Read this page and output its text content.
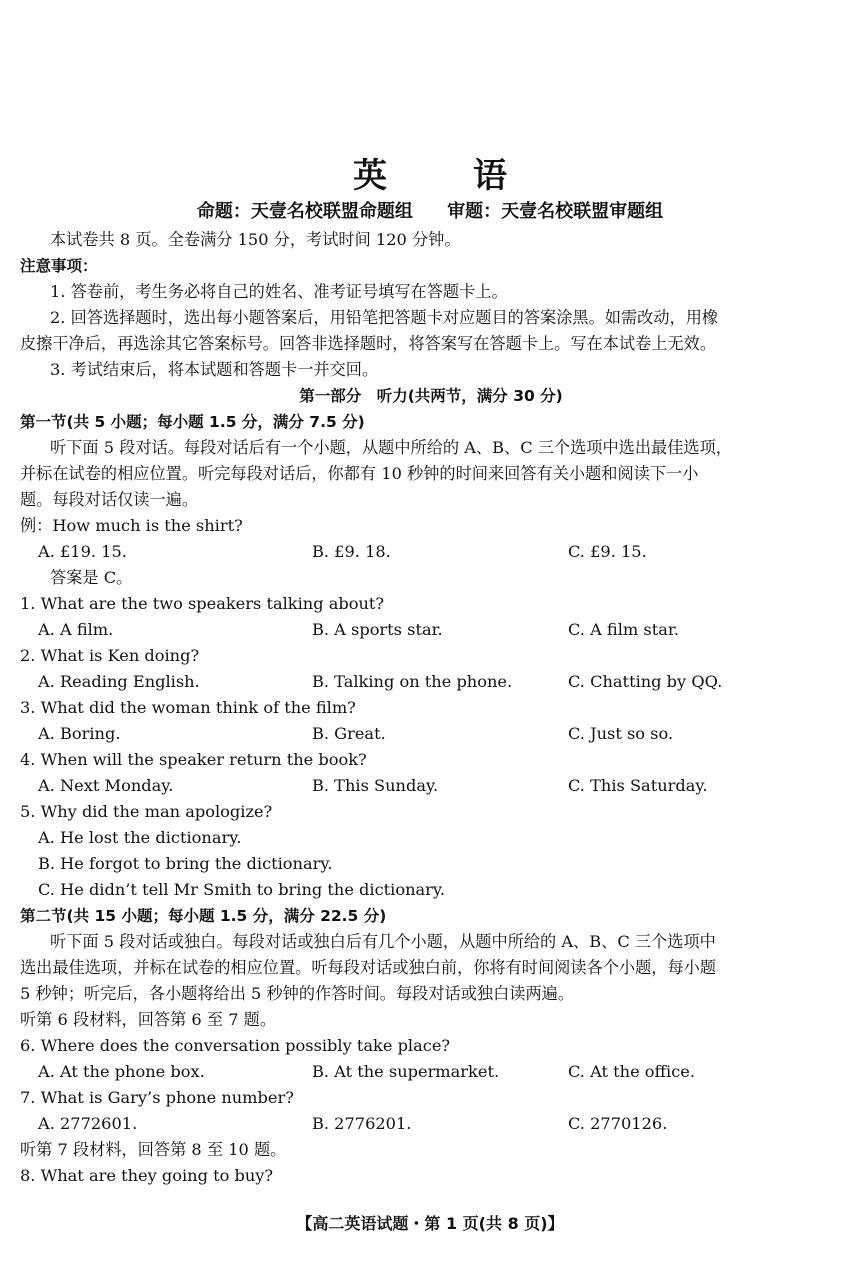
英　语
命题：天壹名校联盟命题组 审题：天壹名校联盟审题组
本试卷共 8 页。全卷满分 150 分，考试时间 120 分钟。
注意事项：
1. 答卷前，考生务必将自己的姓名、准考证号填写在答题卡上。
2. 回答选择题时，选出每小题答案后，用铅笔把答题卡对应题目的答案涂黑。如需改动，用橡
皮擦干净后，再选涂其它答案标号。回答非选择题时，将答案写在答题卡上。写在本试卷上无效。
3. 考试结束后，将本试题和答题卡一并交回。
第一部分　听力(共两节，满分 30 分)
第一节(共 5 小题；每小题 1.5 分，满分 7.5 分)
听下面 5 段对话。每段对话后有一个小题，从题中所给的 A、B、C 三个选项中选出最佳选项，
并标在试卷的相应位置。听完每段对话后，你都有 10 秒钟的时间来回答有关小题和阅读下一小
题。每段对话仅读一遍。
例：How much is the shirt?
A. £19. 15.	B. £9. 18.	C. £9. 15.
答案是 C。
1. What are the two speakers talking about?
A. A film.	B. A sports star.	C. A film star.
2. What is Ken doing?
A. Reading English.	B. Talking on the phone.	C. Chatting by QQ.
3. What did the woman think of the film?
A. Boring.	B. Great.	C. Just so so.
4. When will the speaker return the book?
A. Next Monday.	B. This Sunday.	C. This Saturday.
5. Why did the man apologize?
A. He lost the dictionary.
B. He forgot to bring the dictionary.
C. He didn’t tell Mr Smith to bring the dictionary.
第二节(共 15 小题；每小题 1.5 分，满分 22.5 分)
听下面 5 段对话或独白。每段对话或独白后有几个小题，从题中所给的 A、B、C 三个选项中
选出最佳选项，并标在试卷的相应位置。听每段对话或独白前，你将有时间阅读各个小题，每小题
5 秒钟；听完后，各小题将给出 5 秒钟的作答时间。每段对话或独白读两遍。
听第 6 段材料，回答第 6 至 7 题。
6. Where does the conversation possibly take place?
A. At the phone box.	B. At the supermarket.	C. At the office.
7. What is Gary’s phone number?
A. 2772601.	B. 2776201.	C. 2770126.
听第 7 段材料，回答第 8 至 10 题。
8. What are they going to buy?
【高二英语试题・第 1 页(共 8 页)】
